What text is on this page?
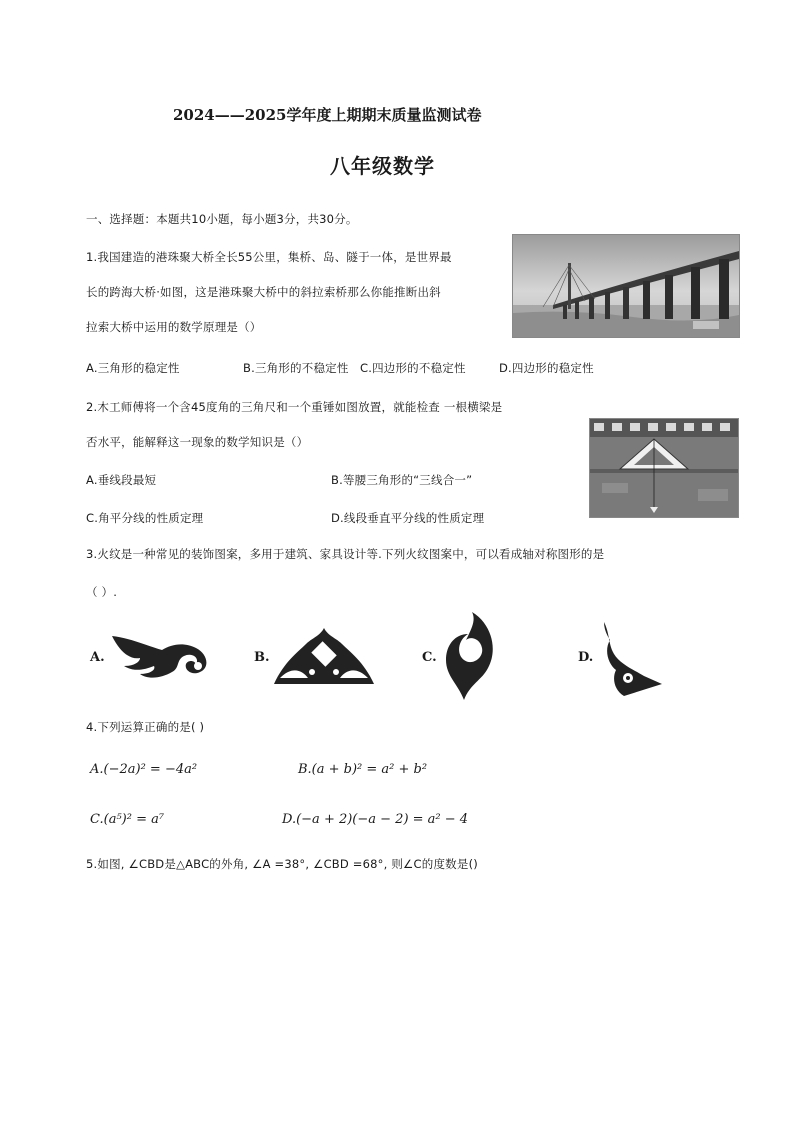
2024——2025学年度上期期末质量监测试卷
八年级数学
一、选择题：本题共10小题，每小题3分，共30分。
1.我国建造的港珠聚大桥全长55公里，集桥、岛、隧于一体，是世界最
长的跨海大桥·如图，这是港珠聚大桥中的斜拉索桥那么你能推断出斜
拉索大桥中运用的数学原理是（）
A.三角形的稳定性	B.三角形的不稳定性 C.四边形的不稳定性	D.四边形的稳定性
2.木工师傅将一个含45度角的三角尺和一个重锤如图放置，就能检查 一根横梁是
否水平，能解释这一现象的数学知识是（）
A.垂线段最短	B.等腰三角形的“三线合一”
C.角平分线的性质定理	D.线段垂直平分线的性质定理
3.火纹是一种常见的装饰图案，多用于建筑、家具设计等.下列火纹图案中，可以看成轴对称图形的是
（ ）.
A.	B.	C.	D.
4.下列运算正确的是( )
A.(−2a)² = −4a²	B.(a + b)² = a² + b²
C.(a⁵)² = a⁷	D.(−a + 2)(−a − 2) = a² − 4
5.如图, ∠CBD是△ABC的外角, ∠A =38°, ∠CBD =68°, 则∠C的度数是()
